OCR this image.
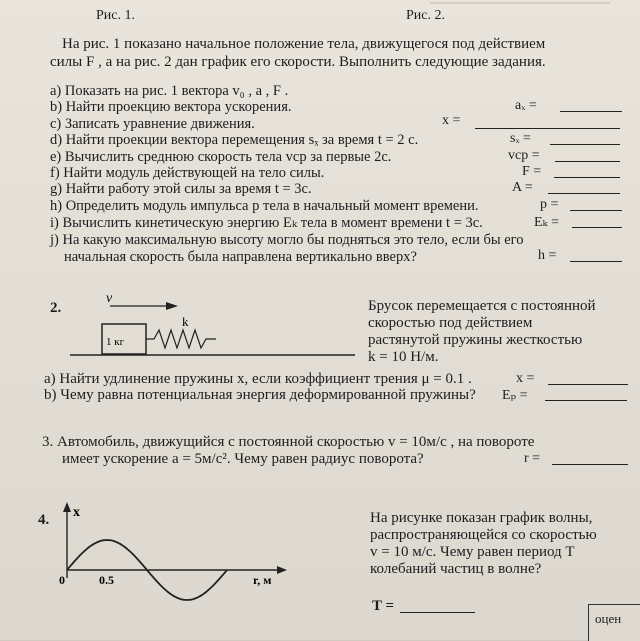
Рис. 1.	Рис. 2.
На рис. 1 показано начальное положение тела, движущегося под действием
силы F , а на рис. 2 дан график его скорости. Выполнить следующие задания.
a) Показать на рис. 1 вектора v₀ , a , F .
b) Найти проекцию вектора ускорения.	aₓ =
c) Записать уравнение движения.	x =
d) Найти проекции вектора перемещения sₓ за время t = 2 с.	sₓ =
e) Вычислить среднюю скорость тела vср за первые 2с.	vср =
f) Найти модуль действующей на тело силы.	F =
g) Найти работу этой силы за время t = 3с.	A =
h) Определить модуль импульса p тела в начальный момент времени.	p =
i) Вычислить кинетическую энергию Eₖ тела в момент времени t = 3с.	Eₖ =
j) На какую максимальную высоту могло бы подняться это тело, если бы его
начальная скорость была направлена вертикально вверх?	h =
2.
v
1 кг
k
Брусок перемещается с постоянной
скоростью под действием
растянутой пружины жесткостью
k = 10 Н/м.
a) Найти удлинение пружины x, если коэффициент трения μ = 0.1 .	x =
b) Чему равна потенциальная энергия деформированной пружины? Eₚ =
3. Автомобиль, движущийся с постоянной скоростью v = 10м/с , на повороте
имеет ускорение a = 5м/с². Чему равен радиус поворота?	r =
4. x
0	0.5	r, м
На рисунке показан график волны,
распространяющейся со скоростью
v = 10 м/с. Чему равен период T
колебаний частиц в волне?
T =
оцен
